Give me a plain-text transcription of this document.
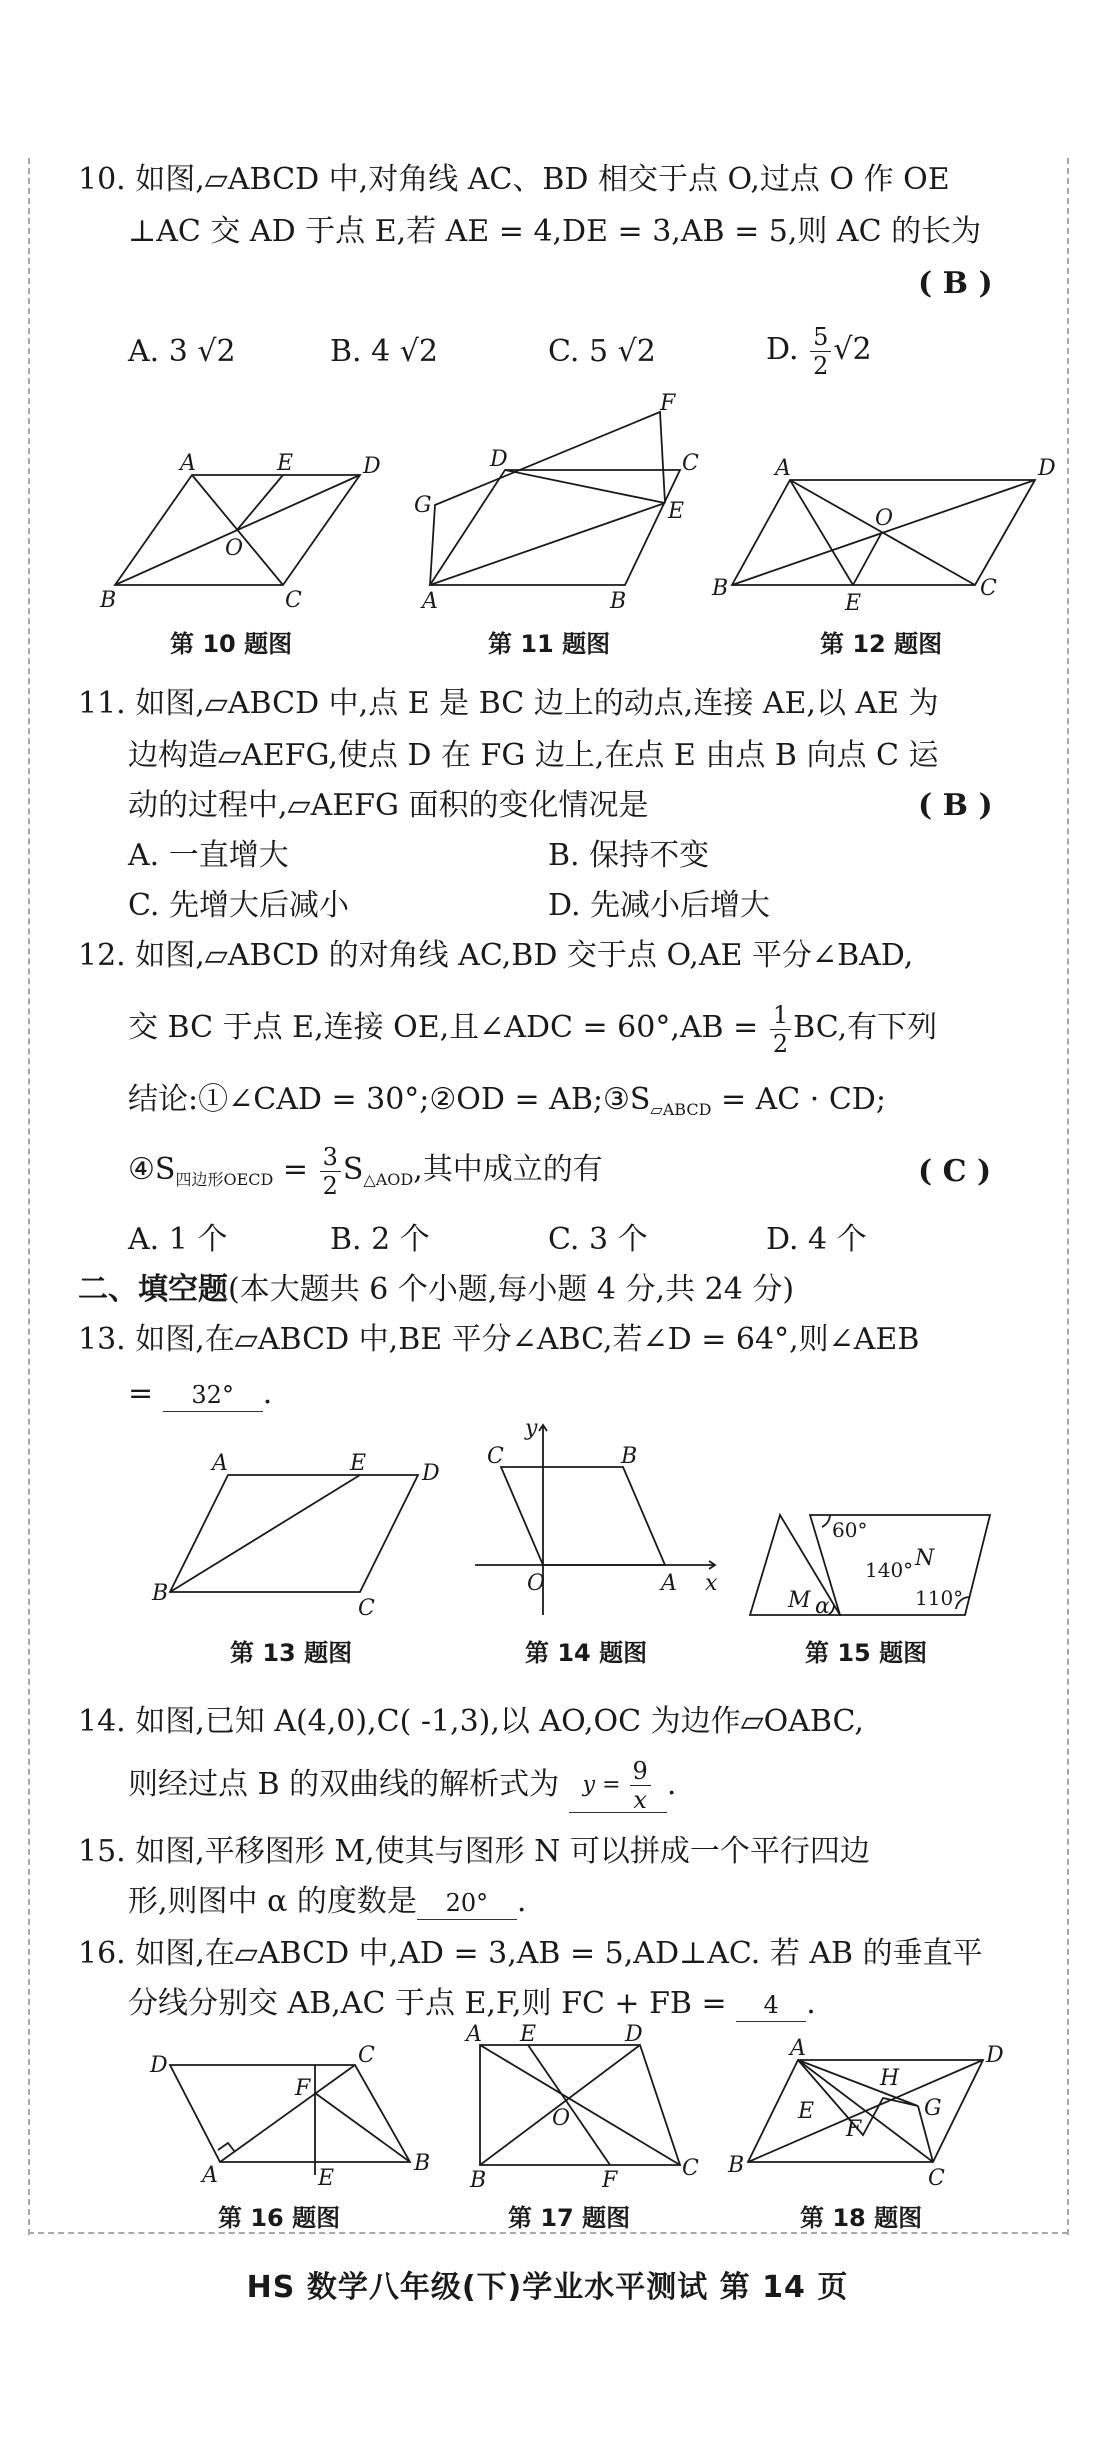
10. 如图,▱ABCD 中,对角线 AC、BD 相交于点 O,过点 O 作 OE
⊥AC 交 AD 于点 E,若 AE = 4,DE = 3,AB = 5,则 AC 的长为
( B )
A. 3 √2	B. 4 √2	C. 5 √2	D. $\frac{5}{2} √2$
A	E	D
O
B	C
第 10 题图
F
D	C
G	E
A	B
第 11 题图
A	D
O
B
E
C
第 12 题图
11. 如图,▱ABCD 中,点 E 是 BC 边上的动点,连接 AE,以 AE 为
边构造▱AEFG,使点 D 在 FG 边上,在点 E 由点 B 向点 C 运
动的过程中,▱AEFG 面积的变化情况是	( B )
A. 一直增大	B. 保持不变
C. 先增大后减小	D. 先减小后增大
12. 如图,▱ABCD 的对角线 AC,BD 交于点 O,AE 平分∠BAD,
交 BC 于点 E,连接 OE,且∠ADC = $60^\circ,AB = \frac{1}{2}$ BC,有下列
结论:①∠CAD = 30°;②OD = $AB;③S_{▱ABCD}$ = AC · CD;
$④S_{四边形OECD} = \frac{3}{2} S_{\triangle AOD}$,其中成立的有	( C )
A. 1 个	B. 2 个	C. 3 个	D. 4 个
二、填空题(本大题共 6 个小题,每小题 4 分,共 24 分)
13. 如图,在▱ABCD 中,BE 平分∠ABC,若∠D = 64°,则∠AEB
= 32° .
A	E	D
B
C
第 13 题图
y
C	B
O	A x
第 14 题图
60°
140° N
110°
M α
第 15 题图
14. 如图,已知 A(4,0),C( -1,3),以 AO,OC 为边作▱OABC,
则经过点 B 的双曲线的解析式为 $y = \frac{9}{x}$ .
15. 如图,平移图形 M,使其与图形 N 可以拼成一个平行四边
形,则图中 α 的度数是 20° .
16. 如图,在▱ABCD 中,AD = 3,AB = 5,AD⊥AC. 若 AB 的垂直平
分线分别交 AB,AC 于点 E,F,则 FC + FB = 4 .
D	C
F
A	E
B
第 16 题图
A E	D
O
B	F	C
第 17 题图
A	D
H
E
F
G
B
C
第 18 题图
HS 数学八年级(下)学业水平测试 第 14 页
